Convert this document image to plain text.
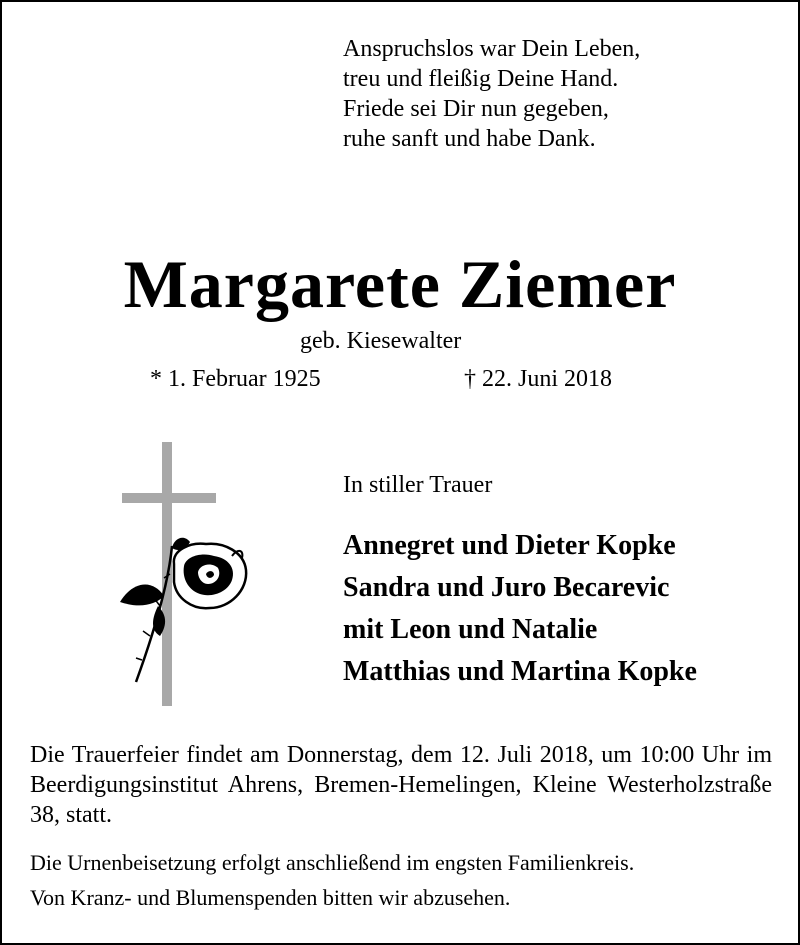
Anspruchslos war Dein Leben,
treu und fleißig Deine Hand.
Friede sei Dir nun gegeben,
ruhe sanft und habe Dank.
Margarete Ziemer
geb. Kiesewalter
* 1. Februar 1925	† 22. Juni 2018
In stiller Trauer
Annegret und Dieter Kopke
Sandra und Juro Becarevic
mit Leon und Natalie
Matthias und Martina Kopke
Die Trauerfeier findet am Donnerstag, dem 12. Juli 2018, um 10:00 Uhr im Beerdigungsinstitut Ahrens, Bremen-Hemelingen, Kleine Westerholzstraße 38, statt.
Die Urnenbeisetzung erfolgt anschließend im engsten Familienkreis.
Von Kranz- und Blumenspenden bitten wir abzusehen.
